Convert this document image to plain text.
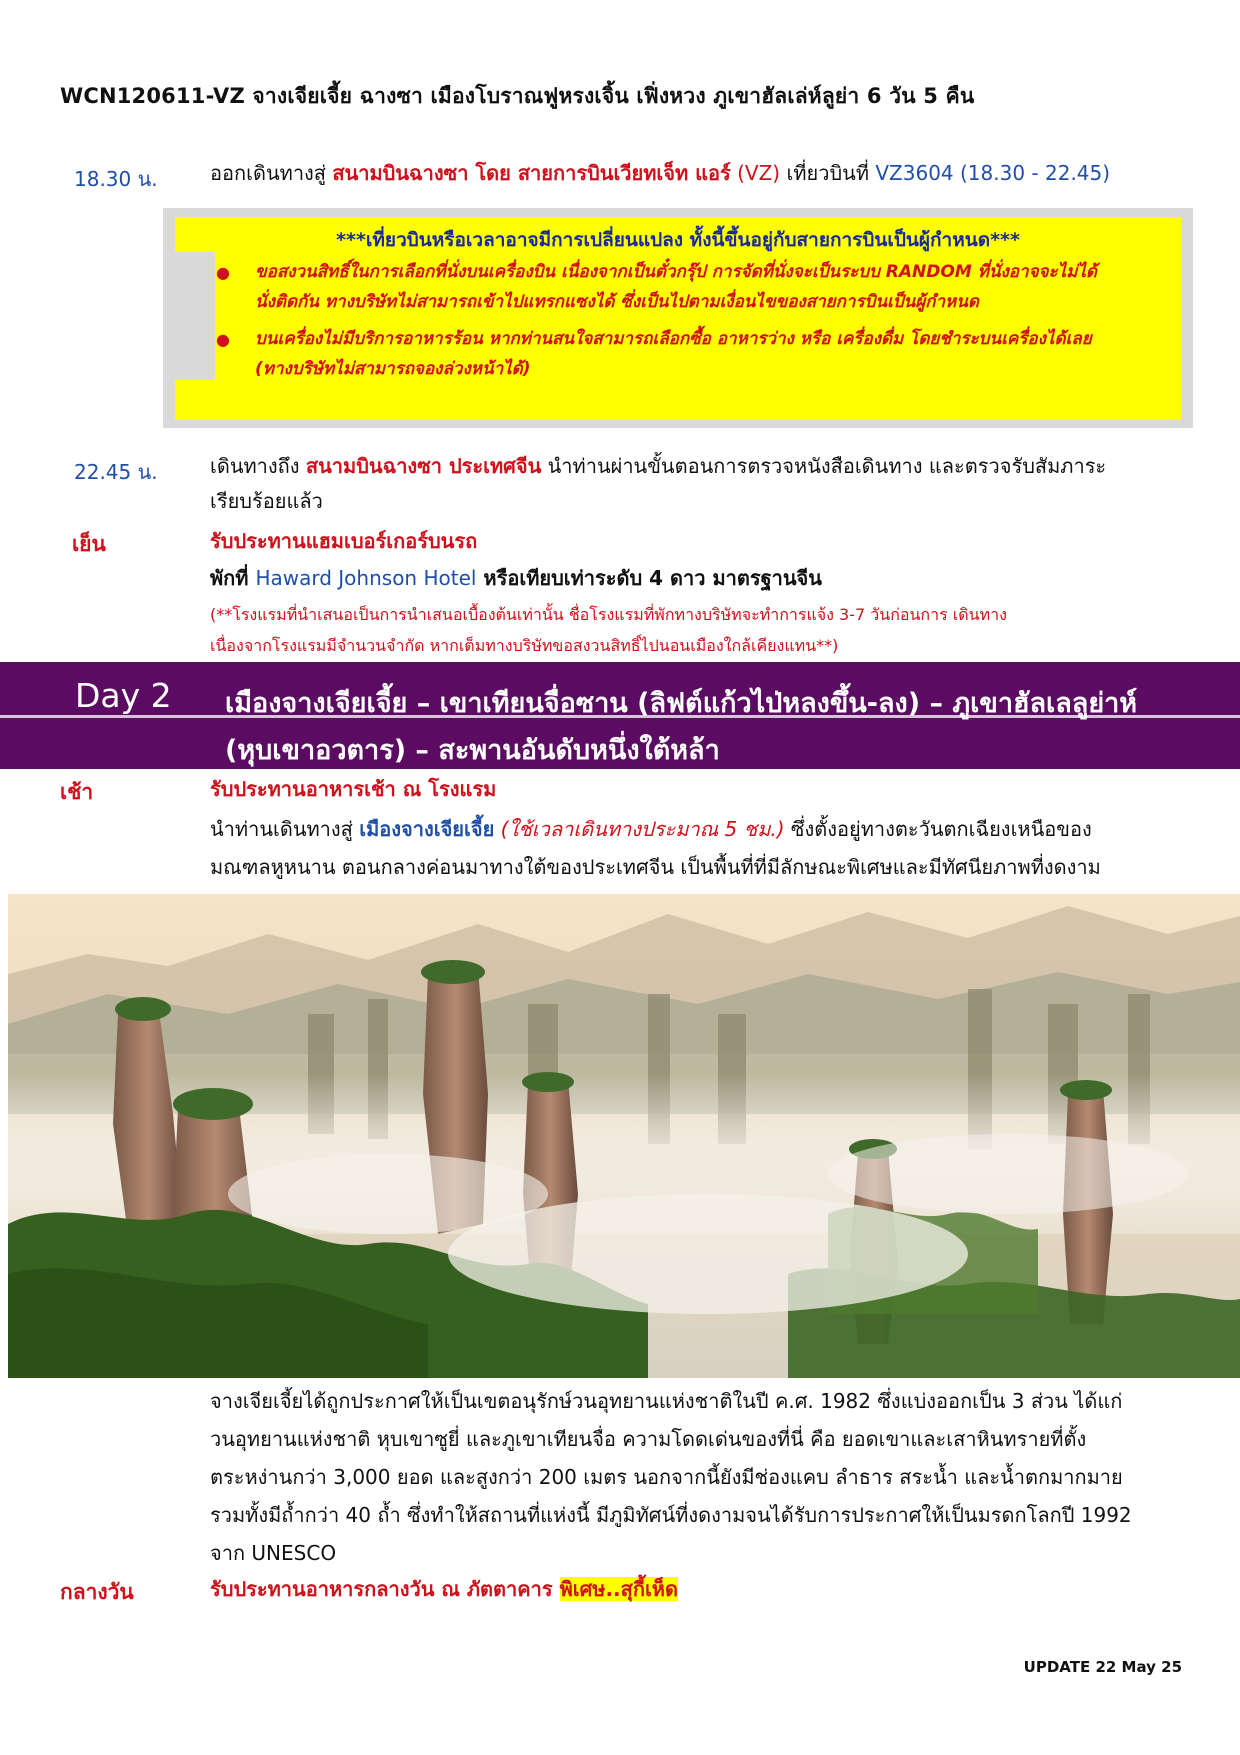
WCN120611-VZ จางเจียเจี้ย ฉางซา เมืองโบราณฟูหรงเจิ้น เฟิ่งหวง ภูเขาฮัลเล่ห์ลูย่า 6 วัน 5 คืน
18.30 น.	ออกเดินทางสู่ สนามบินฉางซา โดย สายการบินเวียทเจ็ท แอร์ (VZ) เที่ยวบินที่ VZ3604 (18.30 - 22.45)
***เที่ยวบินหรือเวลาอาจมีการเปลี่ยนแปลง ทั้งนี้ขึ้นอยู่กับสายการบินเป็นผู้กำหนด***
● ขอสงวนสิทธิ์ในการเลือกที่นั่งบนเครื่องบิน เนื่องจากเป็นตั๋วกรุ๊ป การจัดที่นั่งจะเป็นระบบ RANDOM ที่นั่งอาจจะไม่ได้
นั่งติดกัน ทางบริษัทไม่สามารถเข้าไปแทรกแซงได้ ซึ่งเป็นไปตามเงื่อนไขของสายการบินเป็นผู้กำหนด
● บนเครื่องไม่มีบริการอาหารร้อน หากท่านสนใจสามารถเลือกซื้อ อาหารว่าง หรือ เครื่องดื่ม โดยชำระบนเครื่องได้เลย
(ทางบริษัทไม่สามารถจองล่วงหน้าได้)
22.45 น.	เดินทางถึง สนามบินฉางซา ประเทศจีน นำท่านผ่านขั้นตอนการตรวจหนังสือเดินทาง และตรวจรับสัมภาระ
เรียบร้อยแล้ว
เย็น	รับประทานแฮมเบอร์เกอร์บนรถ
พักที่ Haward Johnson Hotel หรือเทียบเท่าระดับ 4 ดาว มาตรฐานจีน
(**โรงแรมที่นำเสนอเป็นการนำเสนอเบื้องต้นเท่านั้น ชื่อโรงแรมที่พักทางบริษัทจะทำการแจ้ง 3-7 วันก่อนการ เดินทาง
เนื่องจากโรงแรมมีจำนวนจำกัด หากเต็มทางบริษัทขอสงวนสิทธิ์ไปนอนเมืองใกล้เคียงแทน**)
Day 2 เมืองจางเจียเจี้ย – เขาเทียนจื่อซาน (ลิฟต์แก้วไป่หลงขึ้น-ลง) – ภูเขาฮัลเลลูย่าห์
(หุบเขาอวตาร) – สะพานอันดับหนึ่งใต้หล้า
เช้า	รับประทานอาหารเช้า ณ โรงแรม
นำท่านเดินทางสู่ เมืองจางเจียเจี้ย (ใช้เวลาเดินทางประมาณ 5 ชม.) ซึ่งตั้งอยู่ทางตะวันตกเฉียงเหนือของ
มณฑลหูหนาน ตอนกลางค่อนมาทางใต้ของประเทศจีน เป็นพื้นที่ที่มีลักษณะพิเศษและมีทัศนียภาพที่งดงาม
จางเจียเจี้ยได้ถูกประกาศให้เป็นเขตอนุรักษ์วนอุทยานแห่งชาติในปี ค.ศ. 1982 ซึ่งแบ่งออกเป็น 3 ส่วน ได้แก่
วนอุทยานแห่งชาติ หุบเขาซูยี่ และภูเขาเทียนจื่อ ความโดดเด่นของที่นี่ คือ ยอดเขาและเสาหินทรายที่ตั้ง
ตระหง่านกว่า 3,000 ยอด และสูงกว่า 200 เมตร นอกจากนี้ยังมีช่องแคบ ลำธาร สระน้ำ และน้ำตกมากมาย
รวมทั้งมีถ้ำกว่า 40 ถ้ำ ซึ่งทำให้สถานที่แห่งนี้ มีภูมิทัศน์ที่งดงามจนได้รับการประกาศให้เป็นมรดกโลกปี 1992
จาก UNESCO
กลางวัน	รับประทานอาหารกลางวัน ณ ภัตตาคาร พิเศษ..สุกี้เห็ด
UPDATE 22 May 25
